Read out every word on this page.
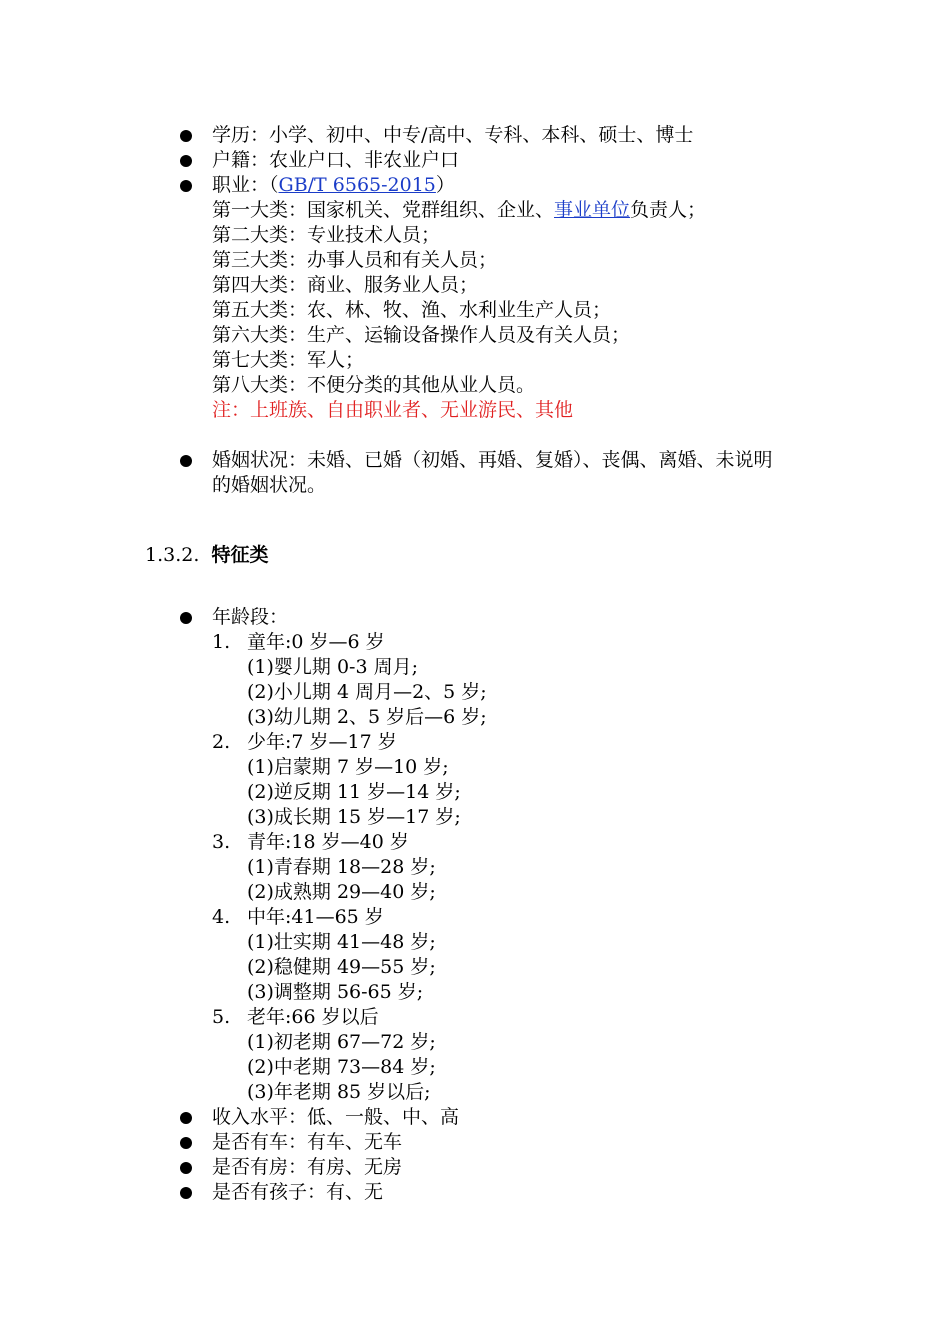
学历：小学、初中、中专/高中、专科、本科、硕士、博士
户籍：农业户口、非农业户口
职业：（GB/T 6565-2015）
第一大类：国家机关、党群组织、企业、事业单位负责人；
第二大类：专业技术人员；
第三大类：办事人员和有关人员；
第四大类：商业、服务业人员；
第五大类：农、林、牧、渔、水利业生产人员；
第六大类：生产、运输设备操作人员及有关人员；
第七大类：军人；
第八大类：不便分类的其他从业人员。
注：上班族、自由职业者、无业游民、其他
婚姻状况：未婚、已婚（初婚、再婚、复婚）、丧偶、离婚、未说明
的婚姻状况。
1.3.2. 特征类
年龄段：
1. 童年:0 岁—6 岁
(1)婴儿期 0-3 周月;
(2)小儿期 4 周月—2、5 岁;
(3)幼儿期 2、5 岁后—6 岁;
2. 少年:7 岁—17 岁
(1)启蒙期 7 岁—10 岁;
(2)逆反期 11 岁—14 岁;
(3)成长期 15 岁—17 岁;
3. 青年:18 岁—40 岁
(1)青春期 18—28 岁;
(2)成熟期 29—40 岁;
4. 中年:41—65 岁
(1)壮实期 41—48 岁;
(2)稳健期 49—55 岁;
(3)调整期 56-65 岁;
5. 老年:66 岁以后
(1)初老期 67—72 岁;
(2)中老期 73—84 岁;
(3)年老期 85 岁以后;
收入水平：低、一般、中、高
是否有车：有车、无车
是否有房：有房、无房
是否有孩子：有、无
